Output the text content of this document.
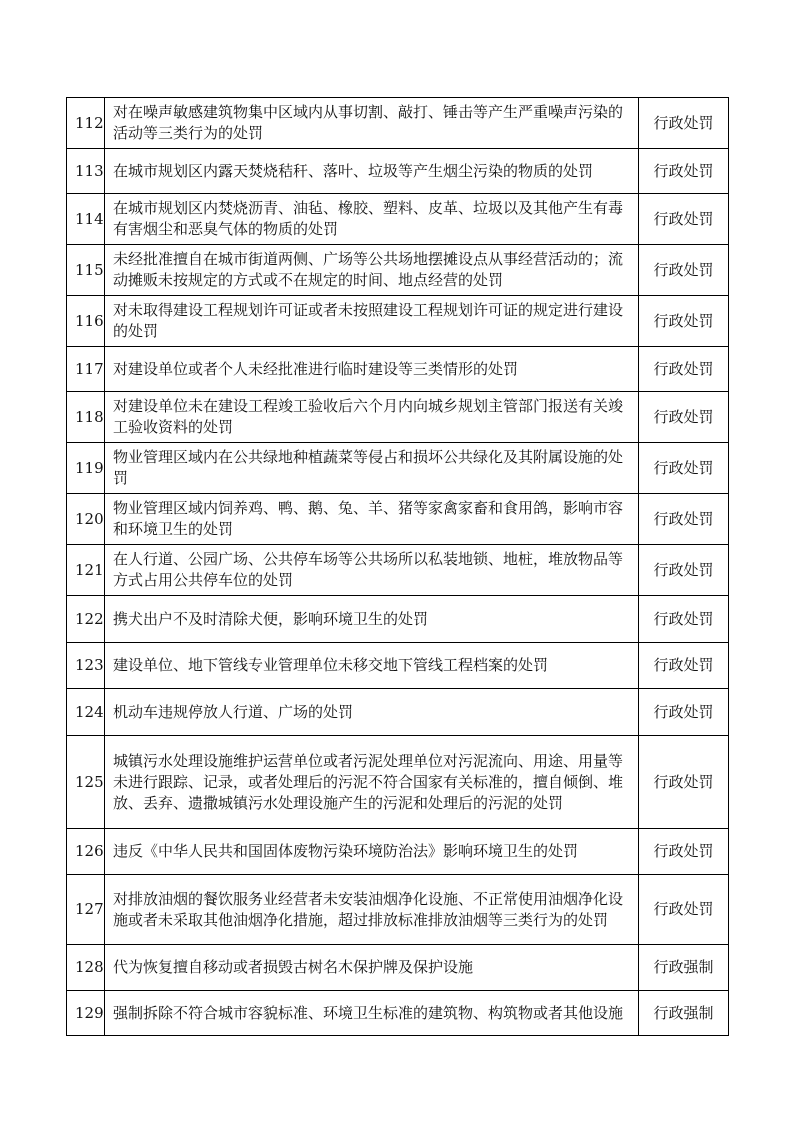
112	对在噪声敏感建筑物集中区域内从事切割、敲打、锤击等产生严重噪声污染的活动等三类行为的处罚	行政处罚
113	在城市规划区内露天焚烧秸秆、落叶、垃圾等产生烟尘污染的物质的处罚	行政处罚
114	在城市规划区内焚烧沥青、油毡、橡胶、塑料、皮革、垃圾以及其他产生有毒有害烟尘和恶臭气体的物质的处罚	行政处罚
115	未经批准擅自在城市街道两侧、广场等公共场地摆摊设点从事经营活动的；流动摊贩未按规定的方式或不在规定的时间、地点经营的处罚	行政处罚
116	对未取得建设工程规划许可证或者未按照建设工程规划许可证的规定进行建设的处罚	行政处罚
117	对建设单位或者个人未经批准进行临时建设等三类情形的处罚	行政处罚
118	对建设单位未在建设工程竣工验收后六个月内向城乡规划主管部门报送有关竣工验收资料的处罚	行政处罚
119	物业管理区域内在公共绿地种植蔬菜等侵占和损坏公共绿化及其附属设施的处罚	行政处罚
120	物业管理区域内饲养鸡、鸭、鹅、兔、羊、猪等家禽家畜和食用鸽，影响市容和环境卫生的处罚	行政处罚
121	在人行道、公园广场、公共停车场等公共场所以私装地锁、地桩，堆放物品等方式占用公共停车位的处罚	行政处罚
122	携犬出户不及时清除犬便，影响环境卫生的处罚	行政处罚
123	建设单位、地下管线专业管理单位未移交地下管线工程档案的处罚	行政处罚
124	机动车违规停放人行道、广场的处罚	行政处罚
125	城镇污水处理设施维护运营单位或者污泥处理单位对污泥流向、用途、用量等未进行跟踪、记录，或者处理后的污泥不符合国家有关标准的，擅自倾倒、堆放、丢弃、遗撒城镇污水处理设施产生的污泥和处理后的污泥的处罚	行政处罚
126	违反《中华人民共和国固体废物污染环境防治法》影响环境卫生的处罚	行政处罚
127	对排放油烟的餐饮服务业经营者未安装油烟净化设施、不正常使用油烟净化设施或者未采取其他油烟净化措施，超过排放标准排放油烟等三类行为的处罚	行政处罚
128	代为恢复擅自移动或者损毁古树名木保护牌及保护设施	行政强制
129	强制拆除不符合城市容貌标准、环境卫生标准的建筑物、构筑物或者其他设施	行政强制
